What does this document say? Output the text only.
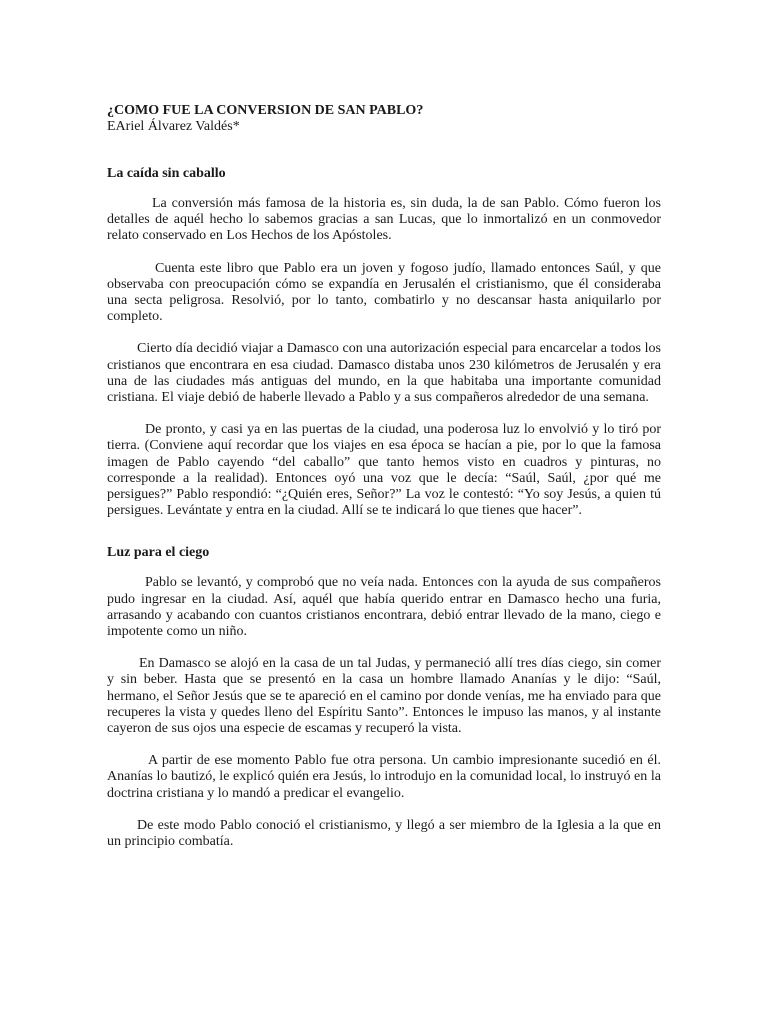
¿COMO FUE LA CONVERSION DE SAN PABLO?

EAriel Álvarez Valdés*

La caída sin caballo

La conversión más famosa de la historia es, sin duda, la de san Pablo. Cómo fueron los detalles de aquél hecho lo sabemos gracias a san Lucas, que lo inmortalizó en un conmovedor relato conservado en Los Hechos de los Apóstoles.

Cuenta este libro que Pablo era un joven y fogoso judío, llamado entonces Saúl, y que observaba con preocupación cómo se expandía en Jerusalén el cristianismo, que él consideraba una secta peligrosa. Resolvió, por lo tanto, combatirlo y no descansar hasta aniquilarlo por completo.

Cierto día decidió viajar a Damasco con una autorización especial para encarcelar a todos los cristianos que encontrara en esa ciudad. Damasco distaba unos 230 kilómetros de Jerusalén y era una de las ciudades más antiguas del mundo, en la que habitaba una importante comunidad cristiana. El viaje debió de haberle llevado a Pablo y a sus compañeros alrededor de una semana.

De pronto, y casi ya en las puertas de la ciudad, una poderosa luz lo envolvió y lo tiró por tierra. (Conviene aquí recordar que los viajes en esa época se hacían a pie, por lo que la famosa imagen de Pablo cayendo “del caballo” que tanto hemos visto en cuadros y pinturas, no corresponde a la realidad). Entonces oyó una voz que le decía: “Saúl, Saúl, ¿por qué me persigues?” Pablo respondió: “¿Quién eres, Señor?” La voz le contestó: “Yo soy Jesús, a quien tú persigues. Levántate y entra en la ciudad. Allí se te indicará lo que tienes que hacer”.

Luz para el ciego

Pablo se levantó, y comprobó que no veía nada. Entonces con la ayuda de sus compañeros pudo ingresar en la ciudad. Así, aquél que había querido entrar en Damasco hecho una furia, arrasando y acabando con cuantos cristianos encontrara, debió entrar llevado de la mano, ciego e impotente como un niño.

En Damasco se alojó en la casa de un tal Judas, y permaneció allí tres días ciego, sin comer y sin beber. Hasta que se presentó en la casa un hombre llamado Ananías y le dijo: “Saúl, hermano, el Señor Jesús que se te apareció en el camino por donde venías, me ha enviado para que recuperes la vista y quedes lleno del Espíritu Santo”. Entonces le impuso las manos, y al instante cayeron de sus ojos una especie de escamas y recuperó la vista.

A partir de ese momento Pablo fue otra persona. Un cambio impresionante sucedió en él. Ananías lo bautizó, le explicó quién era Jesús, lo introdujo en la comunidad local, lo instruyó en la doctrina cristiana y lo mandó a predicar el evangelio.

De este modo Pablo conoció el cristianismo, y llegó a ser miembro de la Iglesia a la que en un principio combatía.
